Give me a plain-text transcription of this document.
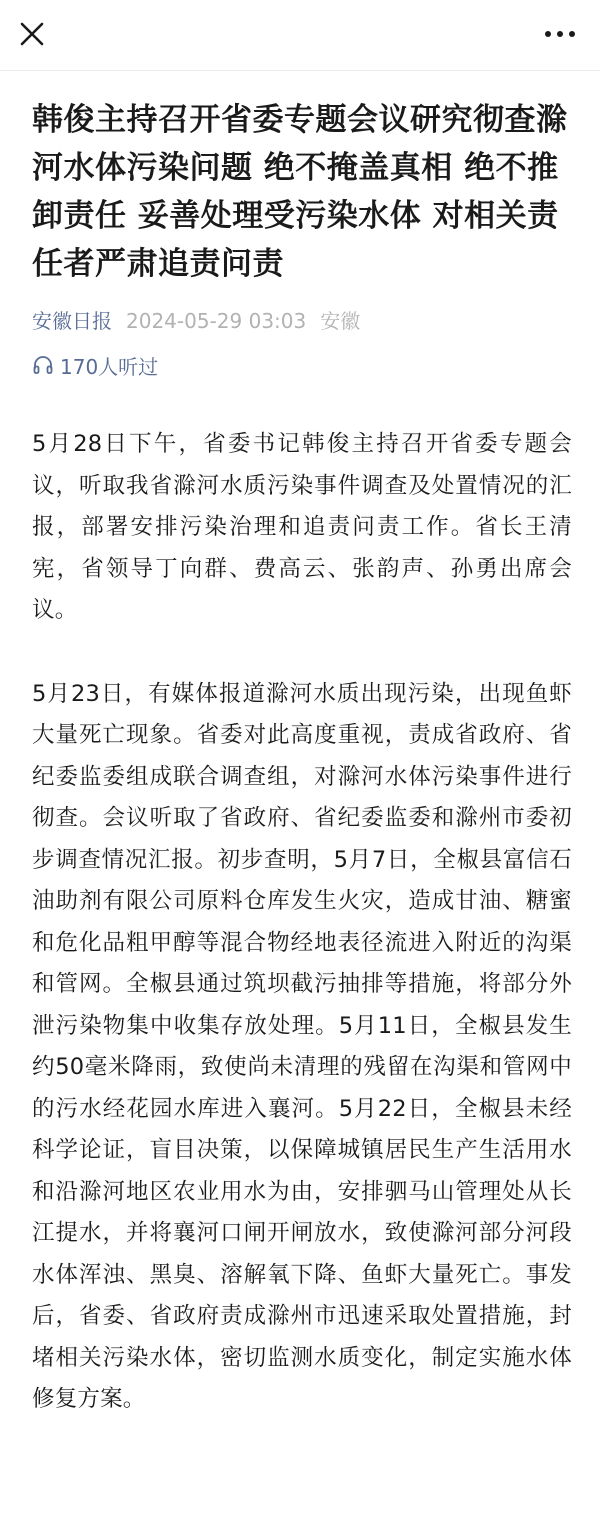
韩俊主持召开省委专题会议研究彻查滁河水体污染问题 绝不掩盖真相 绝不推卸责任 妥善处理受污染水体 对相关责任者严肃追责问责
安徽日报 2024-05-29 03:03 安徽
170人听过

5月28日下午，省委书记韩俊主持召开省委专题会议，听取我省滁河水质污染事件调查及处置情况的汇报，部署安排污染治理和追责问责工作。省长王清宪，省领导丁向群、费高云、张韵声、孙勇出席会议。

5月23日，有媒体报道滁河水质出现污染，出现鱼虾大量死亡现象。省委对此高度重视，责成省政府、省纪委监委组成联合调查组，对滁河水体污染事件进行彻查。会议听取了省政府、省纪委监委和滁州市委初步调查情况汇报。初步查明，5月7日，全椒县富信石油助剂有限公司原料仓库发生火灾，造成甘油、糖蜜和危化品粗甲醇等混合物经地表径流进入附近的沟渠和管网。全椒县通过筑坝截污抽排等措施，将部分外泄污染物集中收集存放处理。5月11日，全椒县发生约50毫米降雨，致使尚未清理的残留在沟渠和管网中的污水经花园水库进入襄河。5月22日，全椒县未经科学论证，盲目决策，以保障城镇居民生产生活用水和沿滁河地区农业用水为由，安排驷马山管理处从长江提水，并将襄河口闸开闸放水，致使滁河部分河段水体浑浊、黑臭、溶解氧下降、鱼虾大量死亡。事发后，省委、省政府责成滁州市迅速采取处置措施，封堵相关污染水体，密切监测水质变化，制定实施水体修复方案。
